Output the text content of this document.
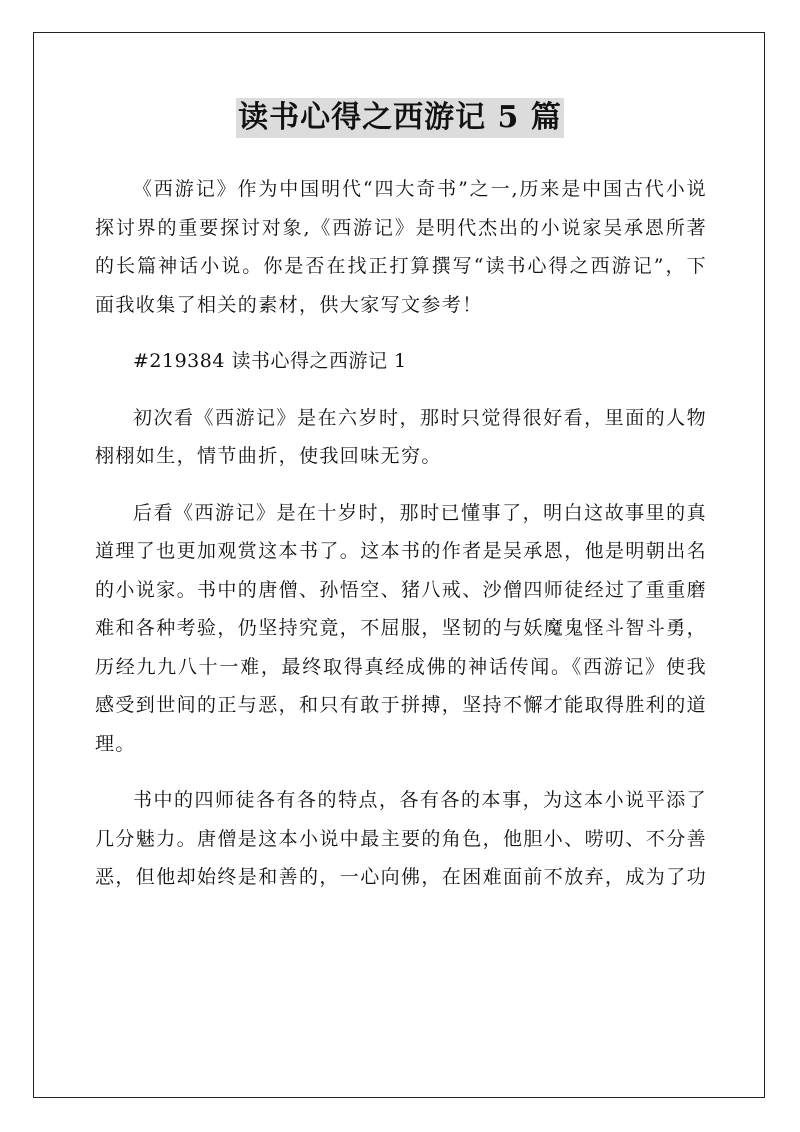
读书心得之西游记 5 篇

《西游记》作为中国明代“四大奇书”之一,历来是中国古代小说探讨界的重要探讨对象,《西游记》是明代杰出的小说家吴承恩所著的长篇神话小说。你是否在找正打算撰写“读书心得之西游记”，下面我收集了相关的素材，供大家写文参考！

#219384 读书心得之西游记 1

初次看《西游记》是在六岁时，那时只觉得很好看，里面的人物栩栩如生，情节曲折，使我回味无穷。

后看《西游记》是在十岁时，那时已懂事了，明白这故事里的真道理了也更加观赏这本书了。这本书的作者是吴承恩，他是明朝出名的小说家。书中的唐僧、孙悟空、猪八戒、沙僧四师徒经过了重重磨难和各种考验，仍坚持究竟，不屈服，坚韧的与妖魔鬼怪斗智斗勇，历经九九八十一难，最终取得真经成佛的神话传闻。《西游记》使我感受到世间的正与恶，和只有敢于拼搏，坚持不懈才能取得胜利的道理。

书中的四师徒各有各的特点，各有各的本事，为这本小说平添了几分魅力。唐僧是这本小说中最主要的角色，他胆小、唠叨、不分善恶，但他却始终是和善的，一心向佛，在困难面前不放弃，成为了功
